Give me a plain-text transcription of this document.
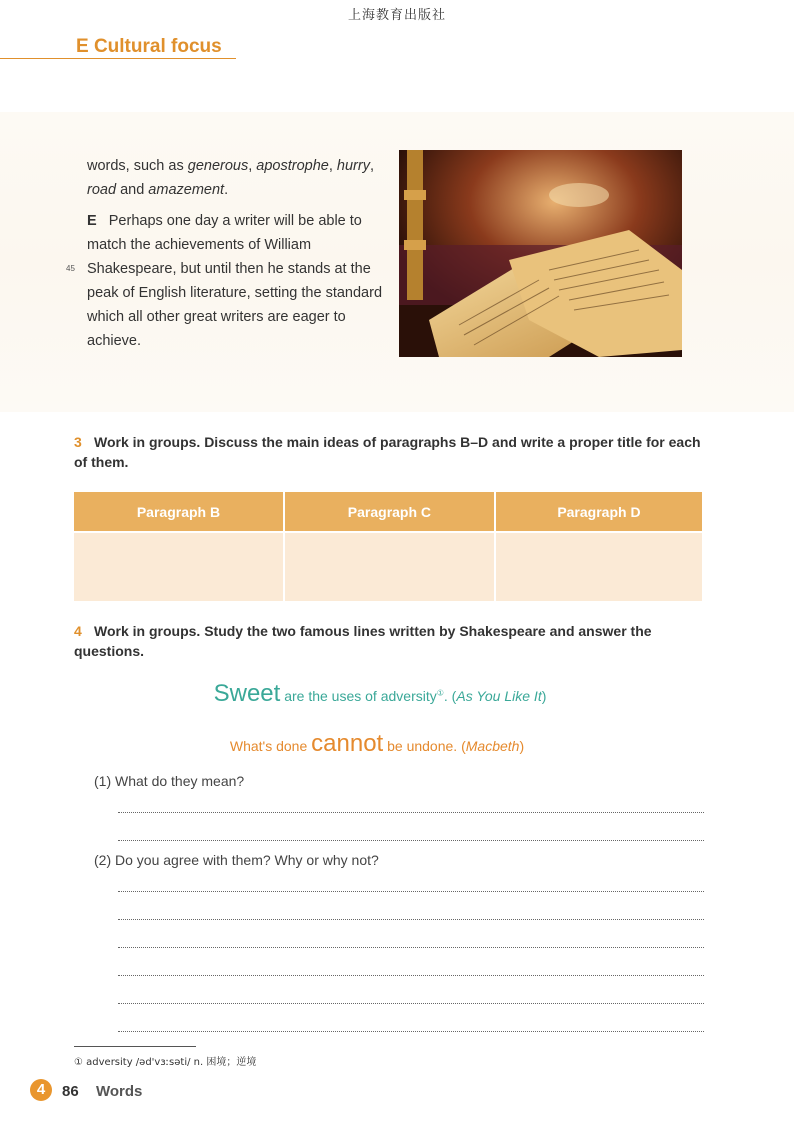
上海教育出版社
E Cultural focus
45

words, such as generous, apostrophe, hurry, road and amazement.

E Perhaps one day a writer will be able to match the achievements of William Shakespeare, but until then he stands at the peak of English literature, setting the standard which all other great writers are eager to achieve.

3 Work in groups. Discuss the main ideas of paragraphs B–D and write a proper title for each of them.
Paragraph B	Paragraph C	Paragraph D

4 Work in groups. Study the two famous lines written by Shakespeare and answer the questions.
Sweet are the uses of adversity①. (As You Like It)
What's done cannot be undone. (Macbeth)
(1) What do they mean?
(2) Do you agree with them? Why or why not?
① adversity /əd'vɜːsəti/ n. 困境；逆境
4	86 Words
